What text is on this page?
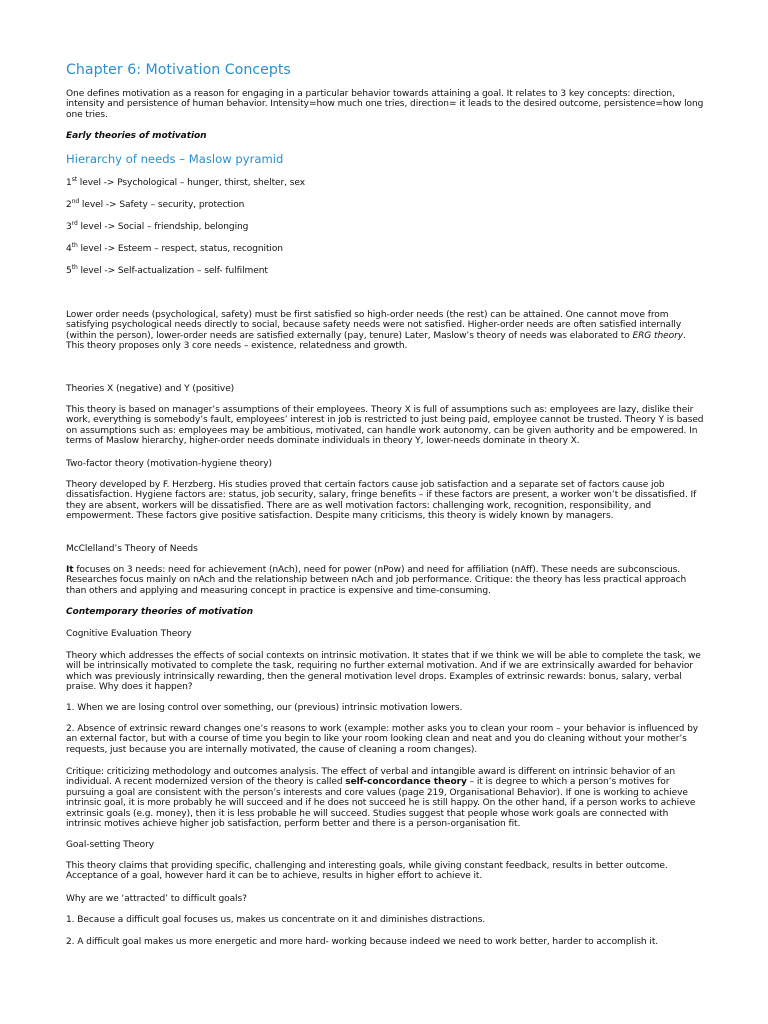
Chapter 6: Motivation Concepts

One defines motivation as a reason for engaging in a particular behavior towards attaining a goal. It relates to 3 key concepts: direction, intensity and persistence of human behavior. Intensity=how much one tries, direction= it leads to the desired outcome, persistence=how long one tries.

Early theories of motivation
Hierarchy of needs – Maslow pyramid
1st level -> Psychological – hunger, thirst, shelter, sex
2nd level -> Safety – security, protection
3rd level -> Social – friendship, belonging
4th level -> Esteem – respect, status, recognition
5th level -> Self-actualization – self- fulfilment

Lower order needs (psychological, safety) must be first satisfied so high-order needs (the rest) can be attained. One cannot move from satisfying psychological needs directly to social, because safety needs were not satisfied. Higher-order needs are often satisfied internally (within the person), lower-order needs are satisfied externally (pay, tenure) Later, Maslow’s theory of needs was elaborated to ERG theory. This theory proposes only 3 core needs – existence, relatedness and growth.

Theories X (negative) and Y (positive)

This theory is based on manager’s assumptions of their employees. Theory X is full of assumptions such as: employees are lazy, dislike their work, everything is somebody’s fault, employees’ interest in job is restricted to just being paid, employee cannot be trusted. Theory Y is based on assumptions such as: employees may be ambitious, motivated, can handle work autonomy, can be given authority and be empowered. In terms of Maslow hierarchy, higher-order needs dominate individuals in theory Y, lower-needs dominate in theory X.

Two-factor theory (motivation-hygiene theory)

Theory developed by F. Herzberg. His studies proved that certain factors cause job satisfaction and a separate set of factors cause job dissatisfaction. Hygiene factors are: status, job security, salary, fringe benefits – if these factors are present, a worker won’t be dissatisfied. If they are absent, workers will be dissatisfied. There are as well motivation factors: challenging work, recognition, responsibility, and empowerment. These factors give positive satisfaction. Despite many criticisms, this theory is widely known by managers.

McClelland’s Theory of Needs

It focuses on 3 needs: need for achievement (nAch), need for power (nPow) and need for affiliation (nAff). These needs are subconscious. Researches focus mainly on nAch and the relationship between nAch and job performance. Critique: the theory has less practical approach than others and applying and measuring concept in practice is expensive and time-consuming.

Contemporary theories of motivation
Cognitive Evaluation Theory

Theory which addresses the effects of social contexts on intrinsic motivation. It states that if we think we will be able to complete the task, we will be intrinsically motivated to complete the task, requiring no further external motivation. And if we are extrinsically awarded for behavior which was previously intrinsically rewarding, then the general motivation level drops. Examples of extrinsic rewards: bonus, salary, verbal praise. Why does it happen?

1. When we are losing control over something, our (previous) intrinsic motivation lowers.

2. Absence of extrinsic reward changes one’s reasons to work (example: mother asks you to clean your room – your behavior is influenced by an external factor, but with a course of time you begin to like your room looking clean and neat and you do cleaning without your mother’s requests, just because you are internally motivated, the cause of cleaning a room changes).

Critique: criticizing methodology and outcomes analysis. The effect of verbal and intangible award is different on intrinsic behavior of an individual. A recent modernized version of the theory is called self-concordance theory – it is degree to which a person’s motives for pursuing a goal are consistent with the person’s interests and core values (page 219, Organisational Behavior). If one is working to achieve intrinsic goal, it is more probably he will succeed and if he does not succeed he is still happy. On the other hand, if a person works to achieve extrinsic goals (e.g. money), then it is less probable he will succeed. Studies suggest that people whose work goals are connected with intrinsic motives achieve higher job satisfaction, perform better and there is a person-organisation fit.

Goal-setting Theory

This theory claims that providing specific, challenging and interesting goals, while giving constant feedback, results in better outcome. Acceptance of a goal, however hard it can be to achieve, results in higher effort to achieve it.

Why are we ‘attracted’ to difficult goals?

1. Because a difficult goal focuses us, makes us concentrate on it and diminishes distractions.

2. A difficult goal makes us more energetic and more hard- working because indeed we need to work better, harder to accomplish it.
